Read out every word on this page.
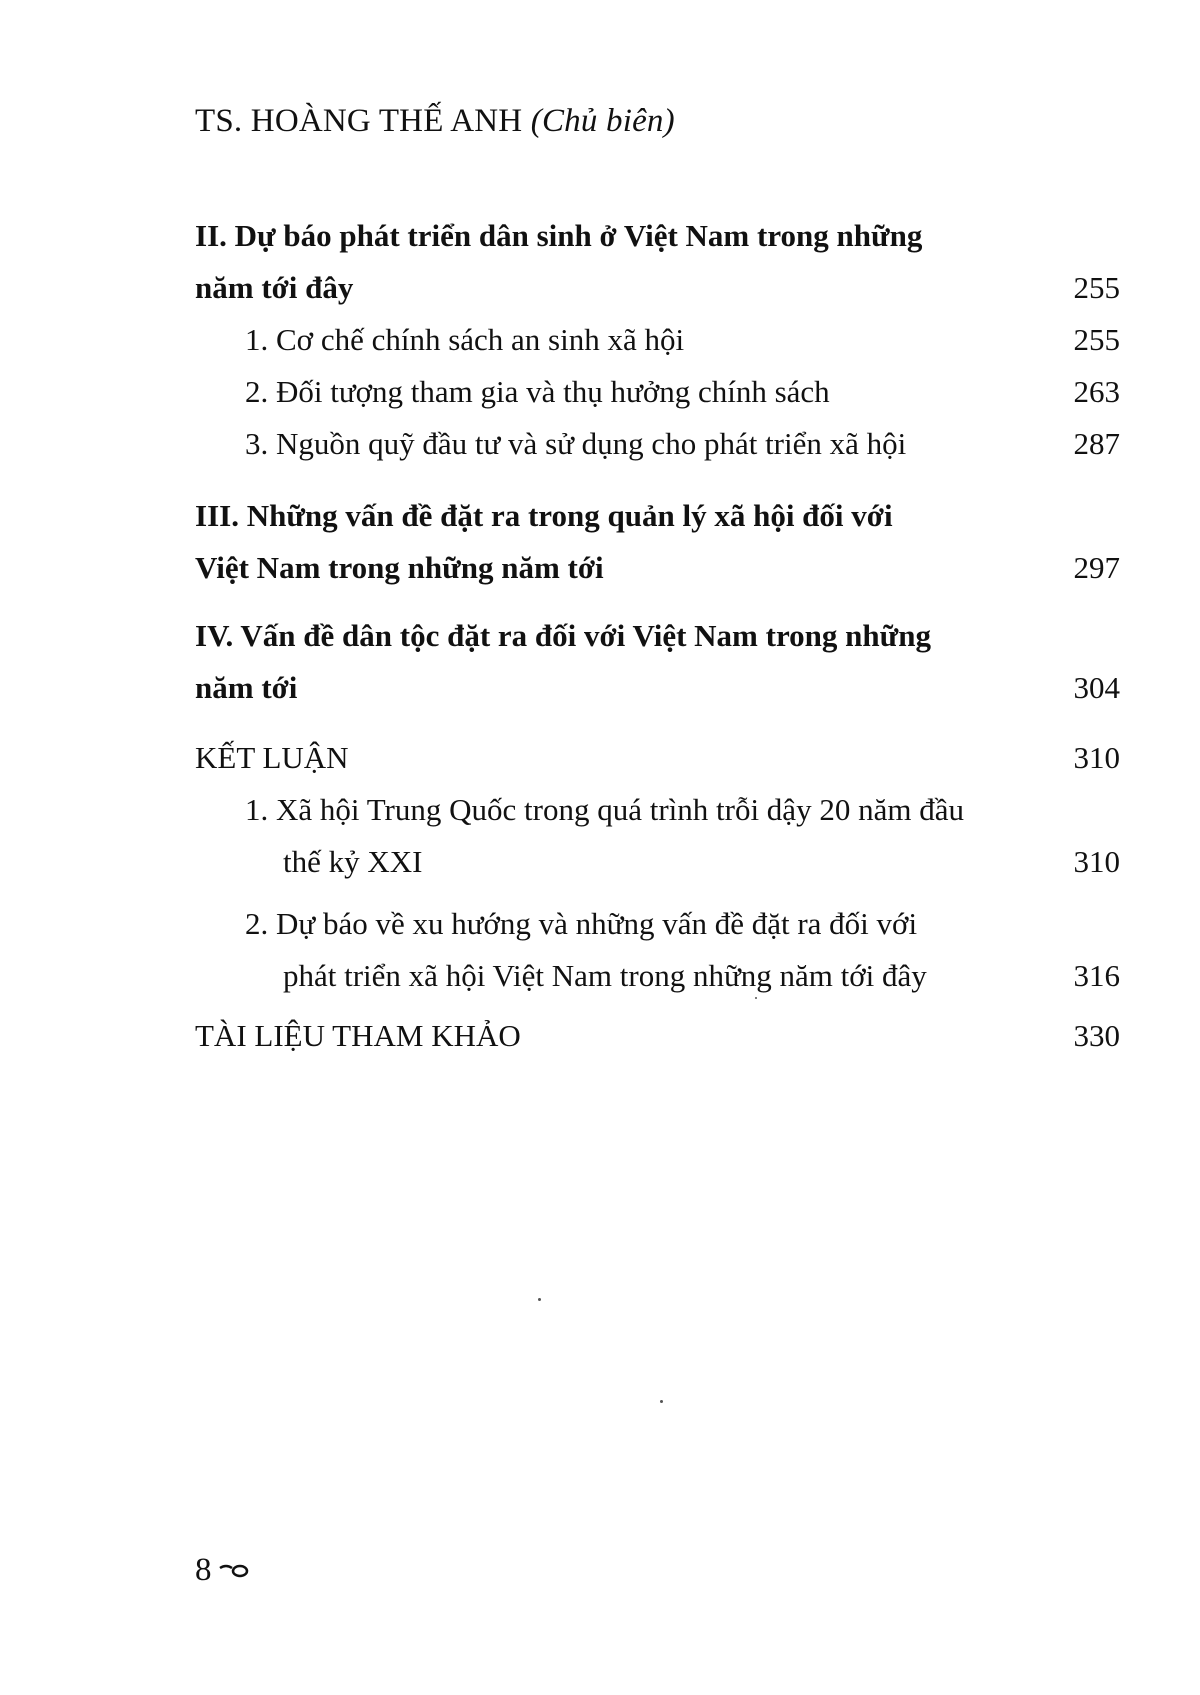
TS. HOÀNG THẾ ANH (Chủ biên)
II. Dự báo phát triển dân sinh ở Việt Nam trong những
năm tới đây	255
1. Cơ chế chính sách an sinh xã hội	255
2. Đối tượng tham gia và thụ hưởng chính sách	263
3. Nguồn quỹ đầu tư và sử dụng cho phát triển xã hội	287
III. Những vấn đề đặt ra trong quản lý xã hội đối với
Việt Nam trong những năm tới	297
IV. Vấn đề dân tộc đặt ra đối với Việt Nam trong những
năm tới	304
KẾT LUẬN	310
1. Xã hội Trung Quốc trong quá trình trỗi dậy 20 năm đầu
thế kỷ XXI	310
2. Dự báo về xu hướng và những vấn đề đặt ra đối với
phát triển xã hội Việt Nam trong những năm tới đây	316
TÀI LIỆU THAM KHẢO	330
8
